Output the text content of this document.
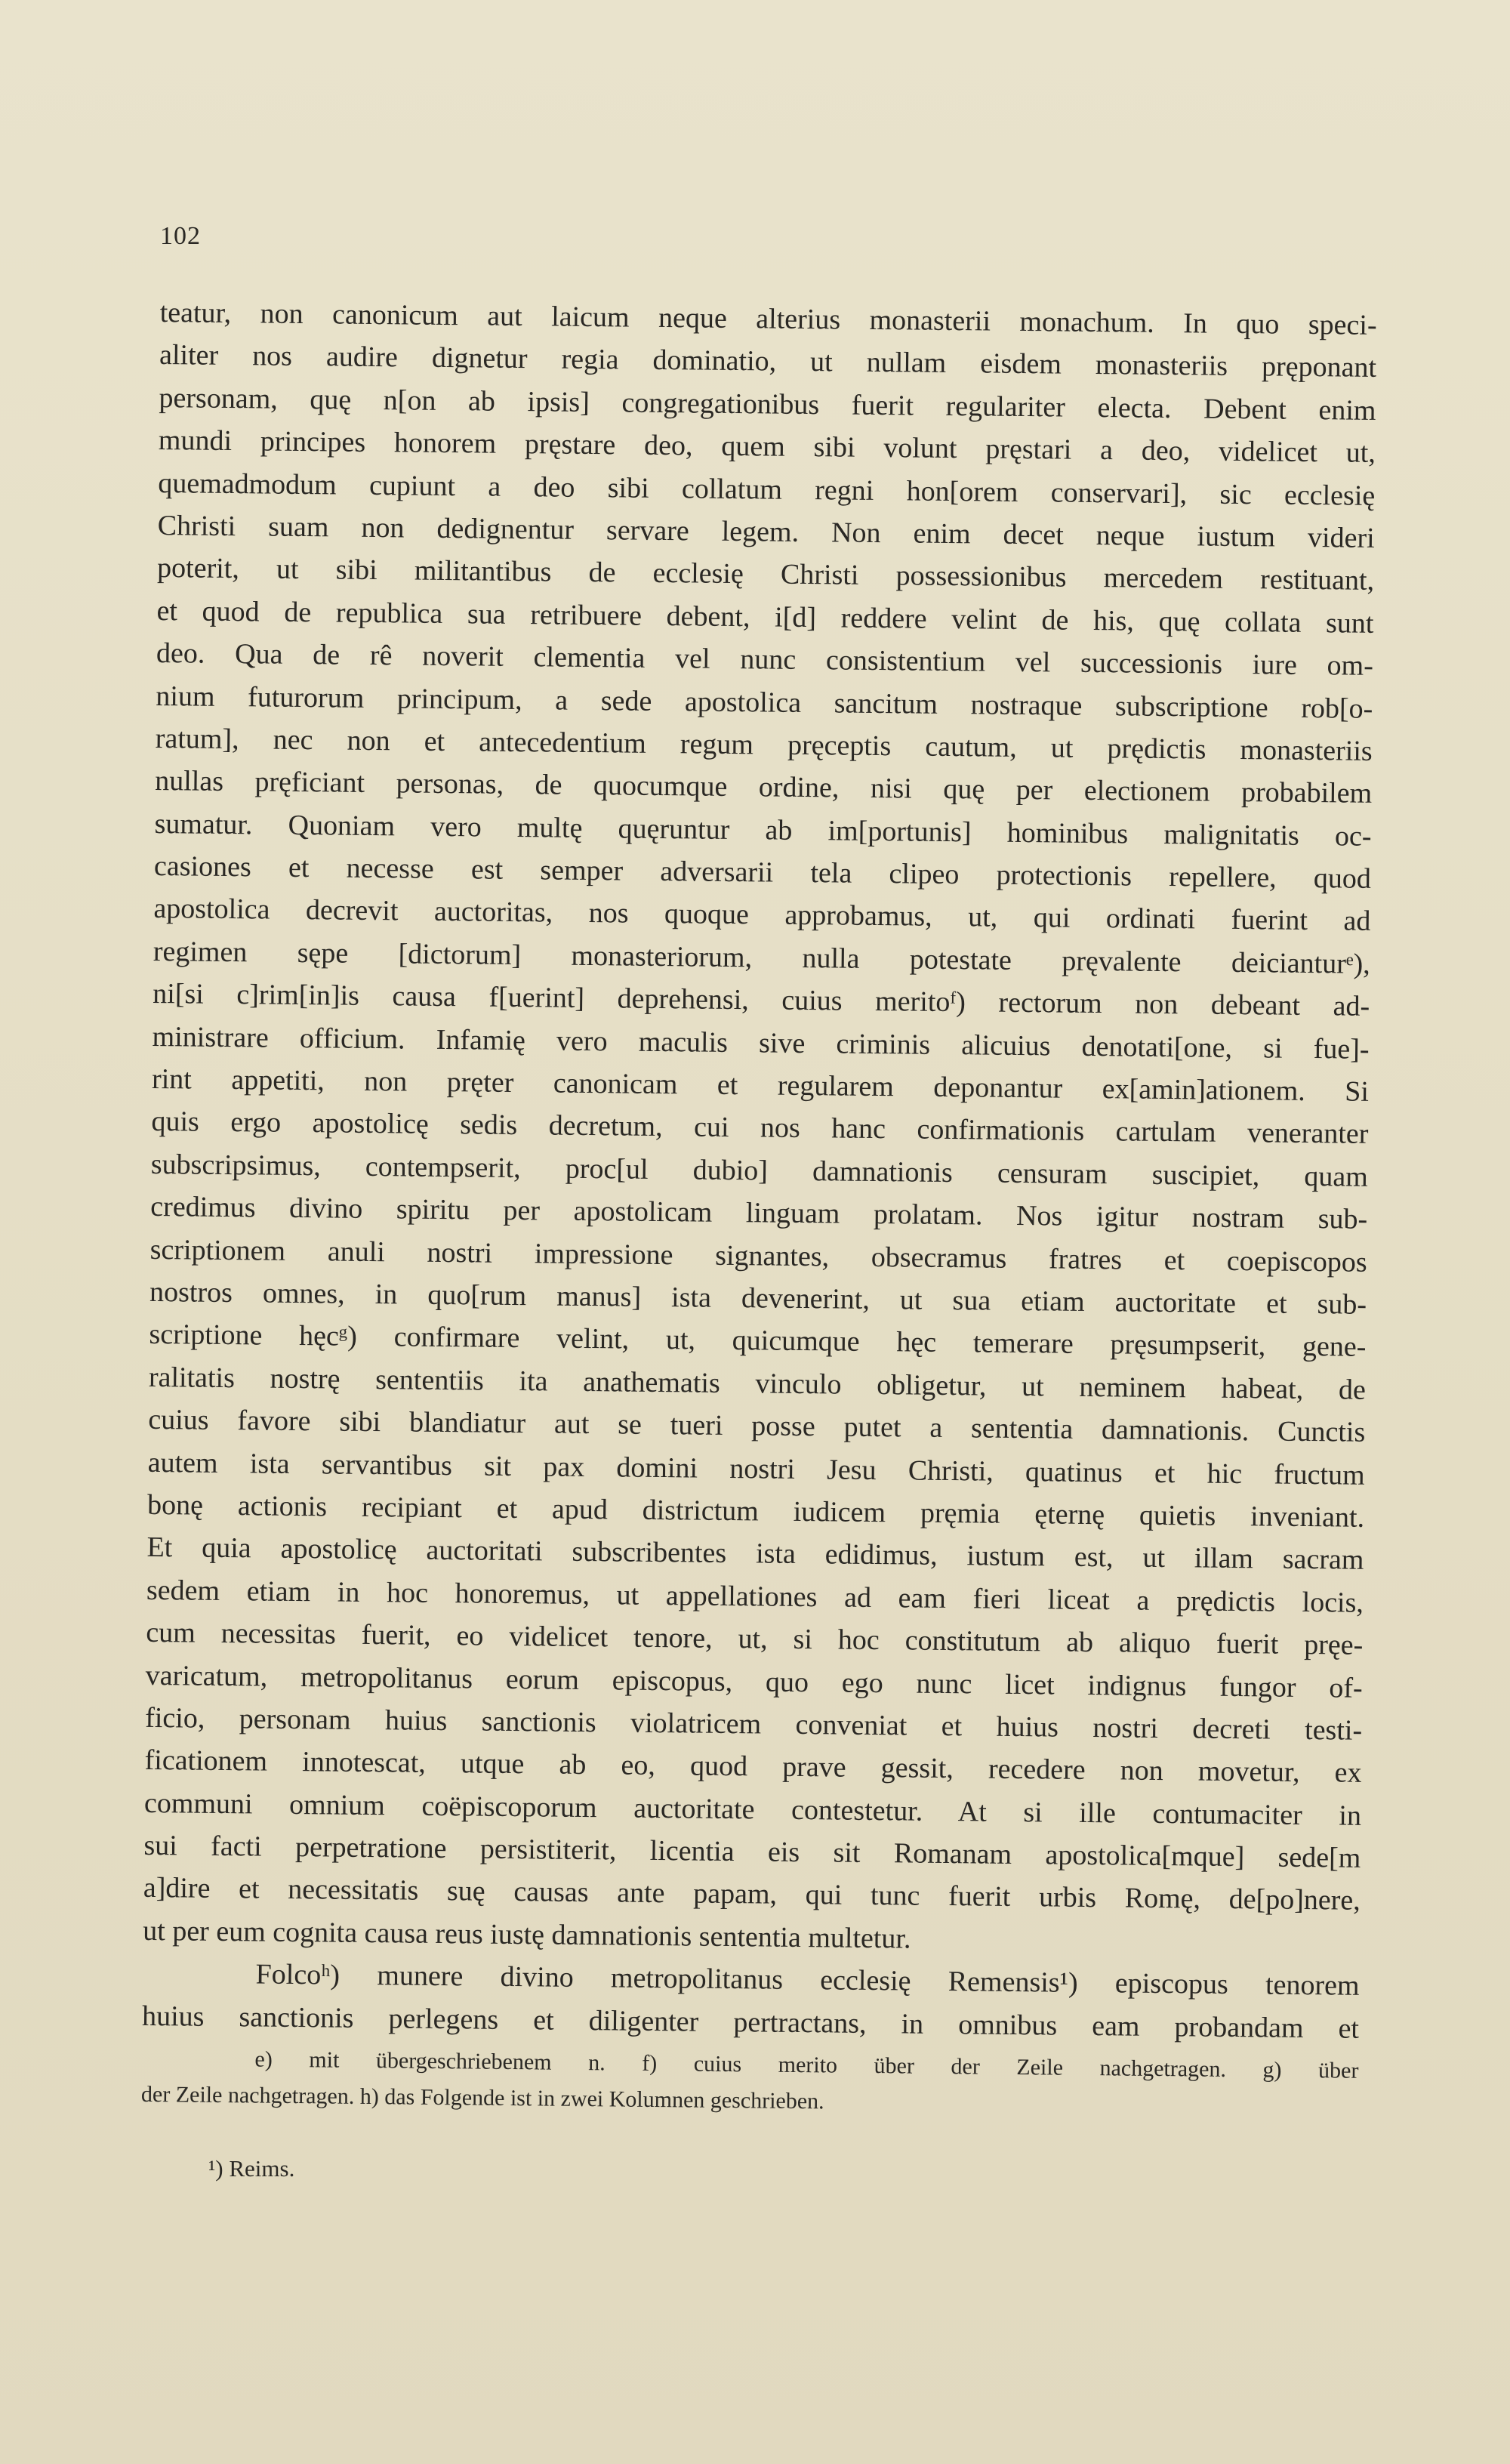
102
teatur, non canonicum aut laicum neque alterius monasterii monachum. In quo speci-
aliter nos audire dignetur regia dominatio, ut nullam eisdem monasteriis pręponant
personam, quę n[on ab ipsis] congregationibus fuerit regulariter electa. Debent enim
mundi principes honorem pręstare deo, quem sibi volunt pręstari a deo, videlicet ut,
quemadmodum cupiunt a deo sibi collatum regni hon[orem conservari], sic ecclesię
Christi suam non dedignentur servare legem. Non enim decet neque iustum videri
poterit, ut sibi militantibus de ecclesię Christi possessionibus mercedem restituant,
et quod de republica sua retribuere debent, i[d] reddere velint de his, quę collata sunt
deo. Qua de rê noverit clementia vel nunc consistentium vel successionis iure om-
nium futurorum principum, a sede apostolica sancitum nostraque subscriptione rob[o-
ratum], nec non et antecedentium regum pręceptis cautum, ut prędictis monasteriis
nullas pręficiant personas, de quocumque ordine, nisi quę per electionem probabilem
sumatur. Quoniam vero multę quęruntur ab im[portunis] hominibus malignitatis oc-
casiones et necesse est semper adversarii tela clipeo protectionis repellere, quod
apostolica decrevit auctoritas, nos quoque approbamus, ut, qui ordinati fuerint ad
regimen sępe [dictorum] monasteriorum, nulla potestate pręvalente deicianturᵉ),
ni[si c]rim[in]is causa f[uerint] deprehensi, cuius meritoᶠ) rectorum non debeant ad-
ministrare officium. Infamię vero maculis sive criminis alicuius denotati[one, si fue]-
rint appetiti, non pręter canonicam et regularem deponantur ex[amin]ationem. Si
quis ergo apostolicę sedis decretum, cui nos hanc confirmationis cartulam veneranter
subscripsimus, contempserit, proc[ul dubio] damnationis censuram suscipiet, quam
credimus divino spiritu per apostolicam linguam prolatam. Nos igitur nostram sub-
scriptionem anuli nostri impressione signantes, obsecramus fratres et coepiscopos
nostros omnes, in quo[rum manus] ista devenerint, ut sua etiam auctoritate et sub-
scriptione hęcᵍ) confirmare velint, ut, quicumque hęc temerare pręsumpserit, gene-
ralitatis nostrę sententiis ita anathematis vinculo obligetur, ut neminem habeat, de
cuius favore sibi blandiatur aut se tueri posse putet a sententia damnationis. Cunctis
autem ista servantibus sit pax domini nostri Jesu Christi, quatinus et hic fructum
bonę actionis recipiant et apud districtum iudicem pręmia ęternę quietis inveniant.
Et quia apostolicę auctoritati subscribentes ista edidimus, iustum est, ut illam sacram
sedem etiam in hoc honoremus, ut appellationes ad eam fieri liceat a prędictis locis,
cum necessitas fuerit, eo videlicet tenore, ut, si hoc constitutum ab aliquo fuerit pręe-
varicatum, metropolitanus eorum episcopus, quo ego nunc licet indignus fungor of-
ficio, personam huius sanctionis violatricem conveniat et huius nostri decreti testi-
ficationem innotescat, utque ab eo, quod prave gessit, recedere non movetur, ex
communi omnium coëpiscoporum auctoritate contestetur. At si ille contumaciter in
sui facti perpetratione persistiterit, licentia eis sit Romanam apostolica[mque] sede[m
a]dire et necessitatis suę causas ante papam, qui tunc fuerit urbis Romę, de[po]nere,
ut per eum cognita causa reus iustę damnationis sententia multetur.
Folcoʰ) munere divino metropolitanus ecclesię Remensis¹) episcopus tenorem
huius sanctionis perlegens et diligenter pertractans, in omnibus eam probandam et
e) mit übergeschriebenem n. f) cuius merito über der Zeile nachgetragen. g) über
der Zeile nachgetragen. h) das Folgende ist in zwei Kolumnen geschrieben.
¹) Reims.
